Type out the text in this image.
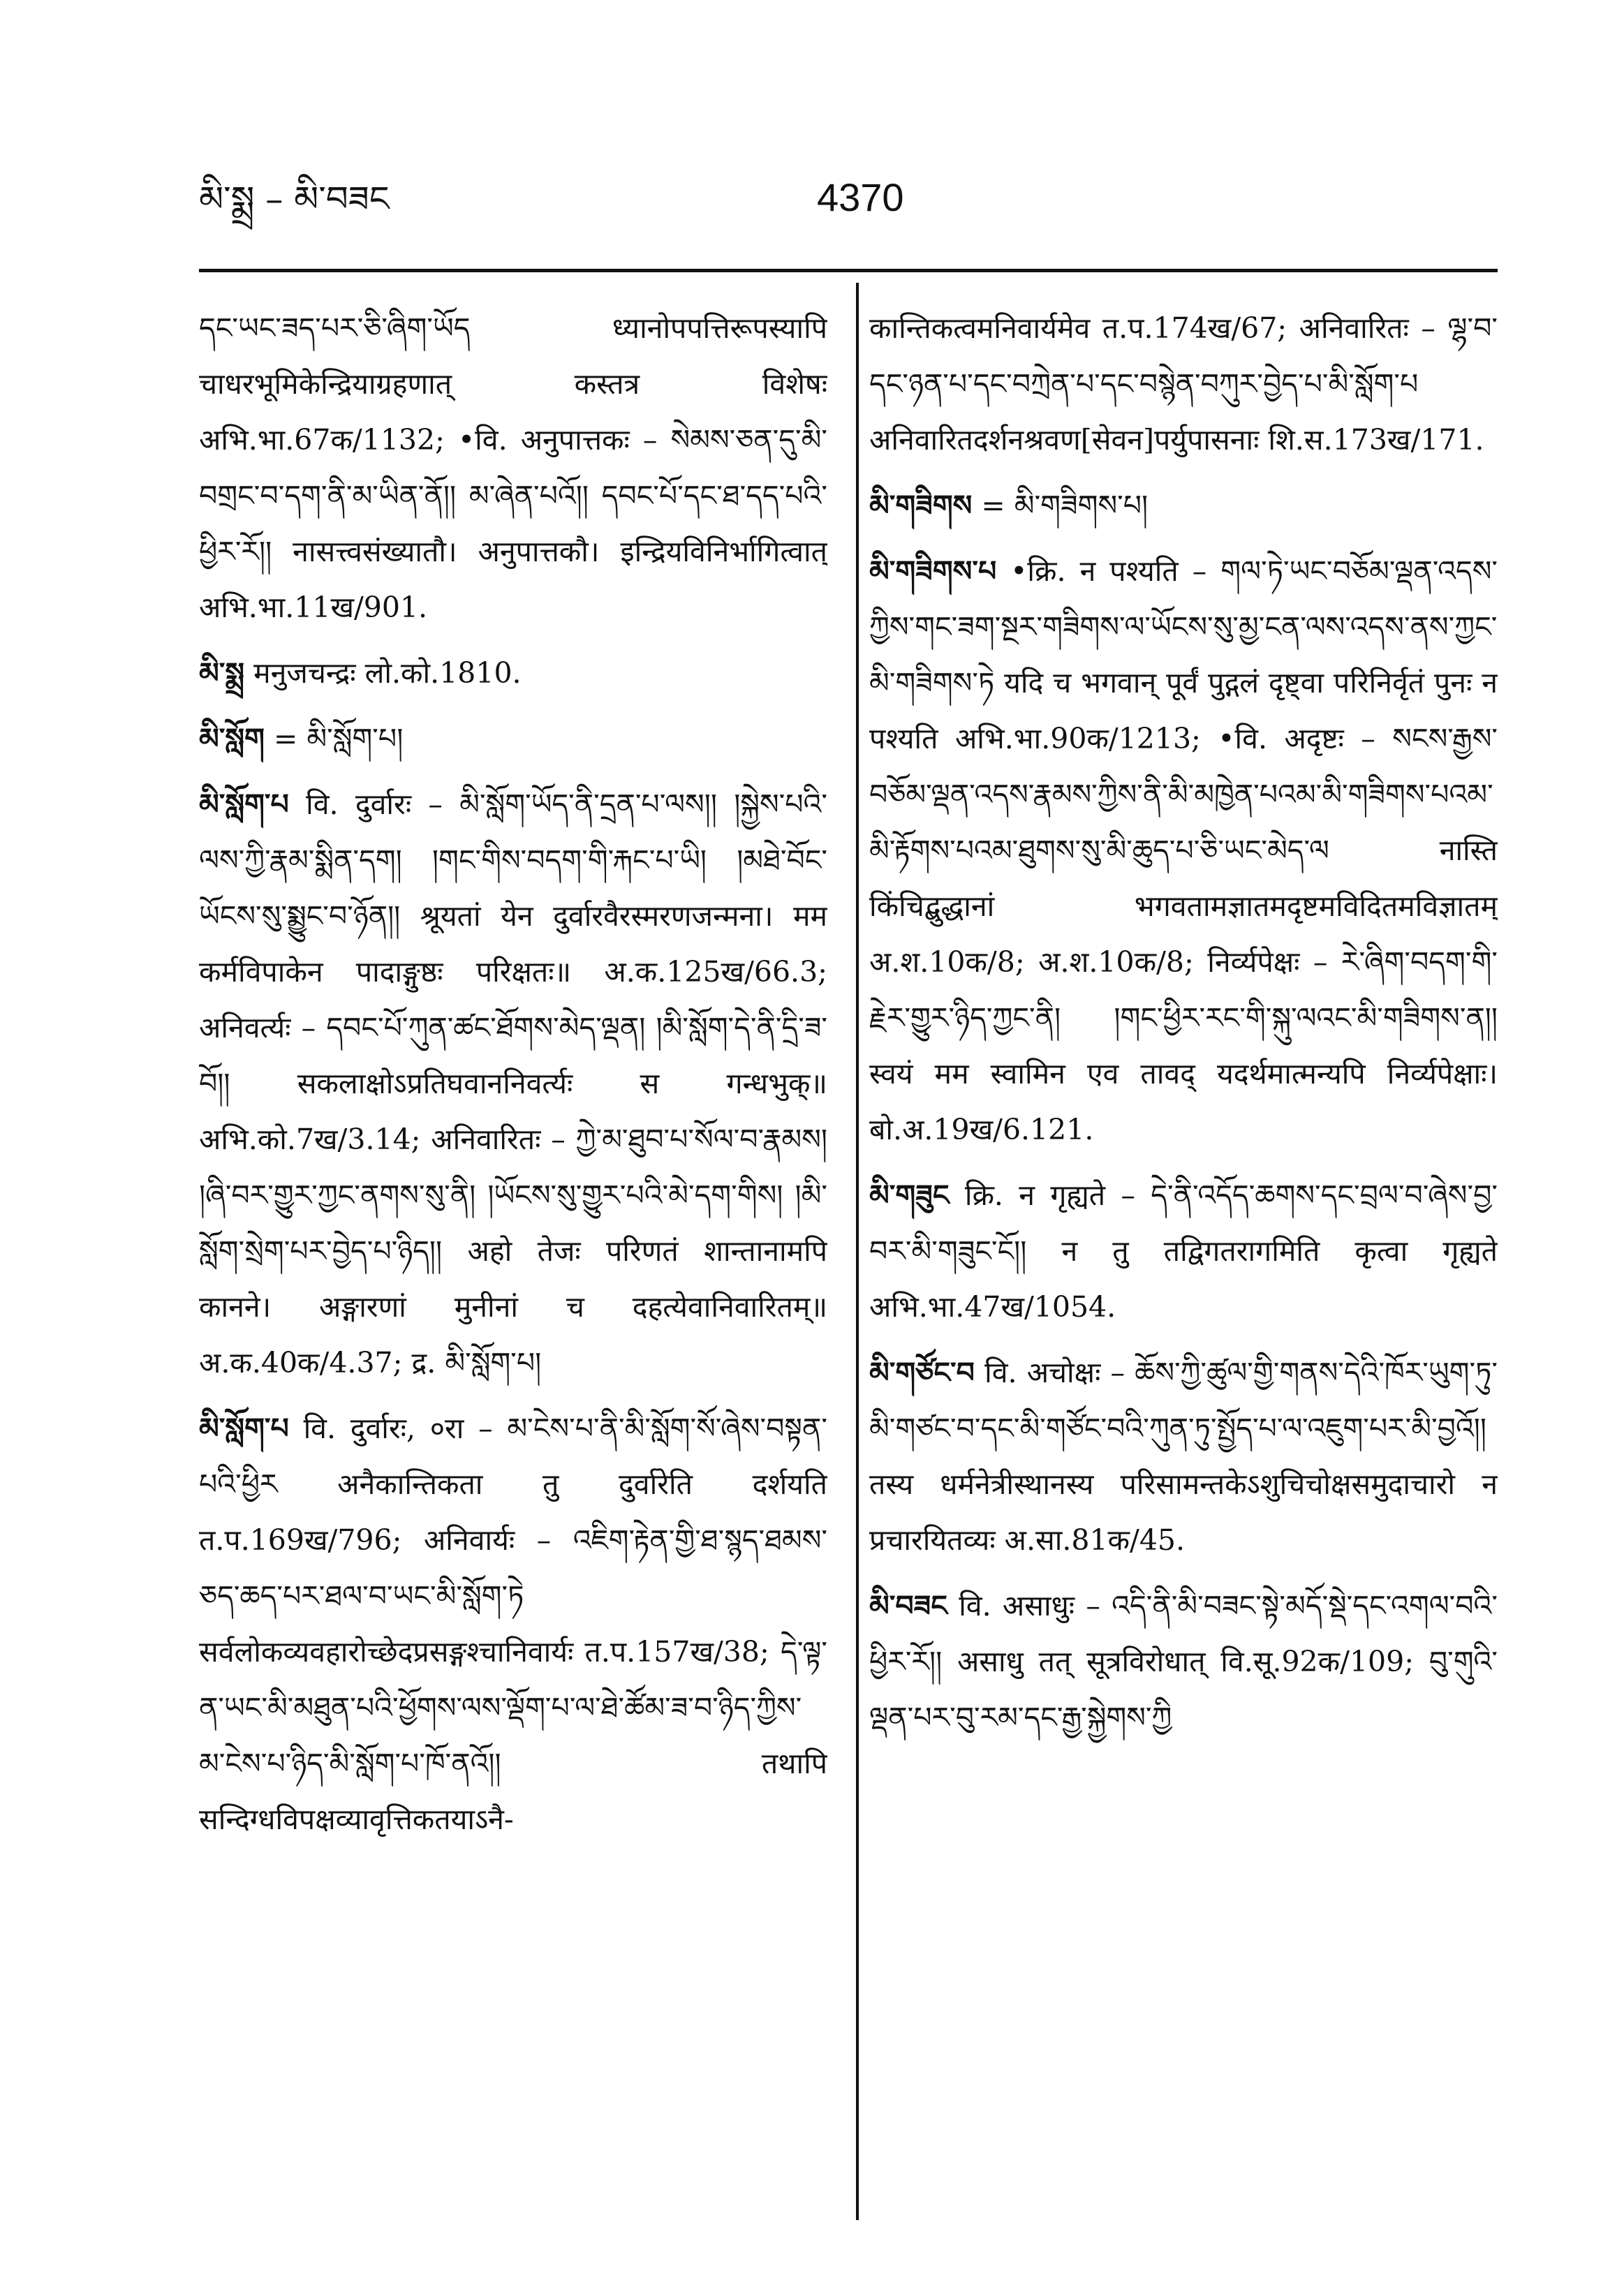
མི་སྨྲ – མི་བཟང	4370
དང་ཡང་ཟད་པར་ཅི་ཞིག་ཡོད ध्यानोपपत्तिरूपस्यापि चाधरभूमिकेन्द्रियाग्रहणात् कस्तत्र विशेषः अभि.भा.67क/1132; •वि. अनुपात्तकः – སེམས་ཅན་དུ་མི་བགྲང་བ་དག་ནི་མ་ཡིན་ནོ།། མ་ཞེན་པའོ།། དབང་པོ་དང་ཐ་དད་པའི་ཕྱིར་རོ།། नासत्त्वसंख्यातौ। अनुपात्तकौ। इन्द्रियविनिर्भागित्वात् अभि.भा.11ख/901.
མི་སྨྲ मनुजचन्द्रः लो.को.1810.
མི་སློག = མི་སློག་པ།
མི་སློག་པ वि. दुर्वारः – མི་སློག་ཡོད་ནི་དྲན་པ་ལས།། །སྐྱེས་པའི་ལས་ཀྱི་རྣམ་སྨིན་དག། །གང་གིས་བདག་གི་རྐང་པ་ཡི། །མཐེ་བོང་ཡོངས་སུ་སྨྱུང་བ་ཉོན།། श्रूयतां येन दुर्वारवैरस्मरणजन्मना। मम कर्मविपाकेन पादाङ्गुष्ठः परिक्षतः॥ अ.क.125ख/66.3; अनिवर्त्यः – དབང་པོ་ཀུན་ཚང་ཐོགས་མེད་ལྡན། །མི་སློག་དེ་ནི་དྲི་ཟ་བོ།། सकलाक्षोऽप्रतिघवाननिवर्त्यः स गन्धभुक्॥ अभि.को.7ख/3.14; अनिवारितः – ཀྱེ་མ་ཐུབ་པ་སོལ་བ་རྣམས། །ཞི་བར་གྱུར་ཀྱང་ནགས་སུ་ནི། །ཡོངས་སུ་གྱུར་པའི་མེ་དག་གིས། །མི་སློག་སྲེག་པར་བྱེད་པ་ཉིད།། अहो तेजः परिणतं शान्तानामपि कानने। अङ्गारणां मुनीनां च दहत्येवानिवारितम्॥ अ.क.40क/4.37; द्र. མི་སློག་པ།
མི་སློག་པ वि. दुर्वारः, ०रा – མ་ངེས་པ་ནི་མི་སློག་སོ་ཞེས་བསྟན་པའི་ཕྱིར अनैकान्तिकता तु दुर्वारेति दर्शयति त.प.169ख/796; अनिवार्यः – འཇིག་རྟེན་གྱི་ཐ་སྙད་ཐམས་ཅད་ཆད་པར་ཐལ་བ་ཡང་མི་སློག་ཏེ सर्वलोकव्यवहारोच्छेदप्रसङ्गश्चानिवार्यः त.प.157ख/38; དེ་ལྟ་ན་ཡང་མི་མཐུན་པའི་ཕྱོགས་ལས་ལྡོག་པ་ལ་ཐེ་ཚོམ་ཟ་བ་ཉིད་ཀྱིས་མ་ངེས་པ་ཉིད་མི་སློག་པ་ཁོ་ནའོ།། तथापि सन्दिग्धविपक्षव्यावृत्तिकतयाऽनै-
कान्तिकत्वमनिवार्यमेव त.प.174ख/67; अनिवारितः – ལྷ་བ་དང་ཉན་པ་དང་བཀྲེན་པ་དང་བསྙེན་བཀུར་བྱེད་པ་མི་སློག་པ अनिवारितदर्शनश्रवण[सेवन]पर्युपासनाः शि.स.173ख/171.
མི་གཟིགས = མི་གཟིགས་པ།
མི་གཟིགས་པ •क्रि. न पश्यति – གལ་ཏེ་ཡང་བཅོམ་ལྡན་འདས་ཀྱིས་གང་ཟག་སྔར་གཟིགས་ལ་ཡོངས་སུ་མྱ་ངན་ལས་འདས་ནས་ཀྱང་མི་གཟིགས་ཏེ यदि च भगवान् पूर्वं पुद्गलं दृष्ट्वा परिनिर्वृतं पुनः न पश्यति अभि.भा.90क/1213; •वि. अदृष्टः – སངས་རྒྱས་བཅོམ་ལྡན་འདས་རྣམས་ཀྱིས་ནི་མི་མཁྱེན་པའམ་མི་གཟིགས་པའམ་མི་རྟོགས་པའམ་ཐུགས་སུ་མི་ཆུད་པ་ཅི་ཡང་མེད་ལ नास्ति किंचिद्बुद्धानां भगवतामज्ञातमदृष्टमविदितमविज्ञातम् अ.श.10क/8; अ.श.10क/8; निर्व्यपेक्षः – རེ་ཞིག་བདག་གི་རྗེར་གྱུར་ཉིད་ཀྱང་ནི། །གང་ཕྱིར་རང་གི་སྐུ་ལའང་མི་གཟིགས་ན།། स्वयं मम स्वामिन एव तावद् यदर्थमात्मन्यपि निर्व्यपेक्षाः। बो.अ.19ख/6.121.
མི་གཟུང क्रि. न गृह्यते – དེ་ནི་འདོད་ཆགས་དང་བྲལ་བ་ཞེས་བྱ་བར་མི་གཟུང་ངོ།། न तु तद्विगतरागमिति कृत्वा गृह्यते अभि.भा.47ख/1054.
མི་གཙོང་བ वि. अचोक्षः – ཆོས་ཀྱི་ཚུལ་གྱི་གནས་དེའི་ཁོར་ཡུག་ཏུ་མི་གཙང་བ་དང་མི་གཙོང་བའི་ཀུན་ཏུ་སྤྱོད་པ་ལ་འཇུག་པར་མི་བྱའོ།། तस्य धर्मनेत्रीस्थानस्य परिसामन्तकेऽशुचिचोक्षसमुदाचारो न प्रचारयितव्यः अ.सा.81क/45.
མི་བཟང वि. असाधुः – འདི་ནི་མི་བཟང་སྟེ་མདོ་སྡེ་དང་འགལ་བའི་ཕྱིར་རོ།། असाधु तत् सूत्रविरोधात् वि.सू.92क/109; བུ་གུའི་ལྡན་པར་བུ་རམ་དང་རྒྱ་སྐྱེགས་ཀྱི
